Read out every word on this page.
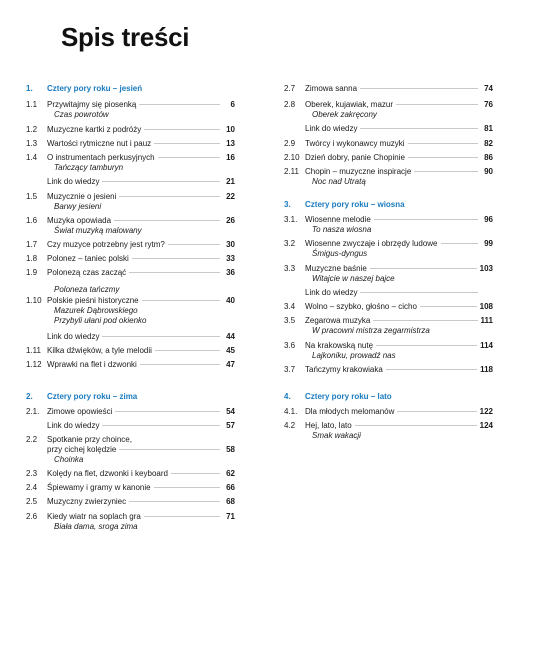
Spis treści
1. Cztery pory roku – jesień
1.1	Przywitajmy się piosenką	6
Czas powrotów
1.2	Muzyczne kartki z podróży	10
1.3	Wartości rytmiczne nut i pauz	13
1.4	O instrumentach perkusyjnych	16
Tańczący tamburyn
Link do wiedzy	21
1.5	Muzycznie o jesieni	22
Barwy jesieni
1.6	Muzyka opowiada	26
Świat muzyką malowany
1.7	Czy muzyce potrzebny jest rytm?	30
1.8	Polonez – taniec polski	33
1.9	Polonezą czas zacząć	36
Poloneza tańczmy
1.10 Polskie pieśni historyczne	40
Mazurek Dąbrowskiego
Przybyli ułani pod okienko
Link do wiedzy	44
1.11 Kilka dźwięków, a tyle melodii	45
1.12 Wprawki na flet i dzwonki	47
2. Cztery pory roku – zima
2.1. Zimowe opowieści	54
Link do wiedzy	57
2.2	Spotkanie przy choince,
przy cichej kolędzie	58
Choinka
2.3	Kolędy na flet, dzwonki i keyboard	62
2.4	Śpiewamy i gramy w kanonie	66
2.5	Muzyczny zwierzyniec	68
2.6	Kiedy wiatr na soplach gra	71
Biała dama, sroga zima
2.7	Zimowa sanna	74
2.8	Oberek, kujawiak, mazur	76
Oberek zakręcony
Link do wiedzy	81
2.9	Twórcy i wykonawcy muzyki	82
2.10 Dzień dobry, panie Chopinie	86
2.11 Chopin – muzyczne inspiracje	90
Noc nad Utratą
3. Cztery pory roku – wiosna
3.1. Wiosenne melodie	96
To nasza wiosna
3.2	Wiosenne zwyczaje i obrzędy ludowe	99
Śmigus-dyngus
3.3	Muzyczne baśnie	103
Witajcie w naszej bajce
Link do wiedzy
3.4	Wolno – szybko, głośno – cicho	108
3.5	Zegarowa muzyka	111
W pracowni mistrza zegarmistrza
3.6	Na krakowską nutę	114
Lajkoniku, prowadź nas
3.7	Tańczymy krakowiaka	118
4. Cztery pory roku – lato
4.1. Dla młodych melomanów	122
4.2	Hej, lato, lato	124
Smak wakacji
